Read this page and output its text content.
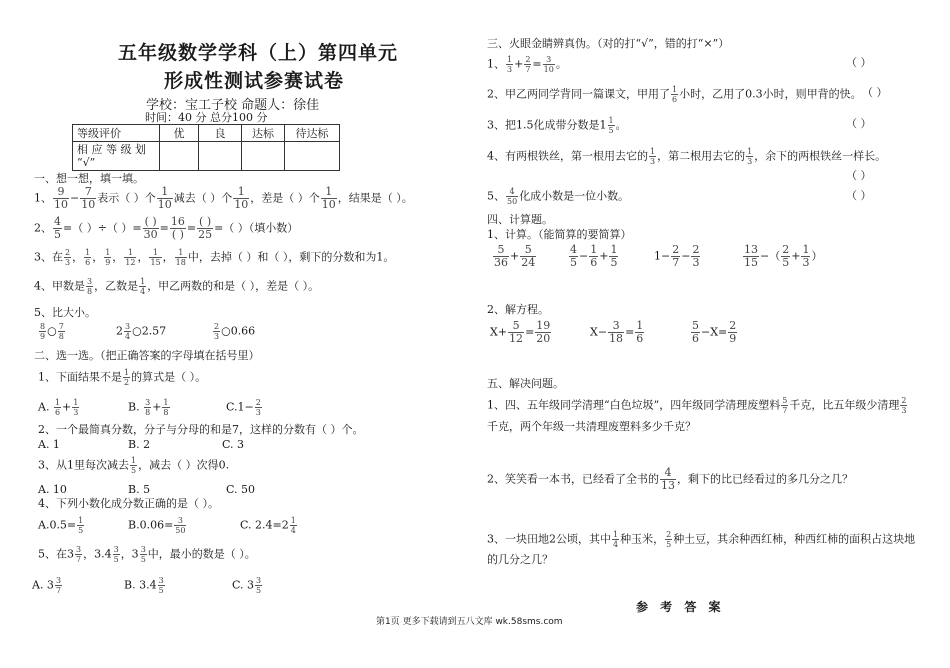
五年级数学学科（上）第四单元
形成性测试参赛试卷
学校：宝工子校 命题人：徐佳
时间：40 分 总分100 分
等级评价	优	良	达标	待达标
相 应 等 级 划
“√”				
一、想一想，填一填。
1、 $\frac{9}{10} - \frac{7}{10}$ 表示（ ）个 $\frac{1}{10}$ 减去（ ）个 $\frac{1}{10}$ ，差是（ ）个 $\frac{1}{10}$ ，结果是（ ）。
2、 $\frac{4}{5}$ =（ ）÷（ ）= $\frac{( )}{30} = \frac{16}{( )} = \frac{( )}{25}$ =（ ）（填小数）
3、在 $\frac{2}{3}$ ， $\frac{1}{6}$ ， $\frac{1}{9}$ ， $\frac{1}{12}$ ， $\frac{1}{15}$ ， $\frac{1}{18}$ 中，去掉（ ）和（ ），剩下的分数和为1。
4、甲数是 $\frac{3}{8}$ ，乙数是 $\frac{1}{4}$ ，甲乙两数的和是（ ），差是（ ）。
5、比大小。
$\frac{8}{9}$ ○ $\frac{7}{8}$	$2 \frac{3}{4}$ ○2.57	$\frac{2}{3}$ ○0.66
二、选一选。（把正确答案的字母填在括号里）
1、下面结果不是 $\frac{1}{2}$ 的算式是（ ）。
A. $\frac{1}{6} + \frac{1}{3}$	B. $\frac{3}{8} + \frac{1}{8}$	$C.1- \frac{2}{3}$
2、一个最简真分数，分子与分母的和是7，这样的分数有（ ）个。
A. 1	B. 2	C. 3
3、从1里每次减去 $\frac{1}{5}$ ，减去（ ）次得0.
A. 10	B. 5	C. 50
4、下列小数化成分数正确的是（ ）。
$A.0.5= \frac{1}{5}$	$B.0.06= \frac{3}{50}$	C. $2.4=2 \frac{1}{4}$
5、在$3 \frac{3}{7}$ ，$3.4 \frac{3}{5}$ ，$3 \frac{3}{5}$ 中，最小的数是（ ）。
A. $3 \frac{3}{7}$	B. $3.4 \frac{3}{5}$	C. $3 \frac{3}{5}$
三、火眼金睛辨真伪。（对的打“√”，错的打“×”）
1、 $\frac{1}{3} + \frac{2}{7} = \frac{3}{10}$ 。	（ ）
2、甲乙两同学背同一篇课文，甲用了 $\frac{1}{6}$ 小时，乙用了0.3小时，则甲背的快。 （ ）
3、把1.5化成带分数是$1 \frac{1}{5}$ 。	（ ）
4、有两根铁丝，第一根用去它的 $\frac{1}{3}$ ，第二根用去它的 $\frac{1}{3}$ ，余下的两根铁丝一样长。
（ ）
5、 $\frac{4}{50}$ 化成小数是一位小数。	（ ）
四、计算题。
1、计算。（能简算的要简算）
$\frac{5}{36} + \frac{5}{24}$	$\frac{4}{5} - \frac{1}{6} + \frac{1}{5}$	$1- \frac{2}{7} - \frac{2}{3}$	$\frac{13}{15}$ −（ $\frac{2}{5} + \frac{1}{3}$ ）
2、解方程。
$X+ \frac{5}{12} = \frac{19}{20}$	$X- \frac{3}{18} = \frac{1}{6}$	$\frac{5}{6} -X= \frac{2}{9}$
五、解决问题。
1、四、五年级同学清理“白色垃圾”，四年级同学清理废塑料 $\frac{5}{7}$ 千克，比五年级少清理 $\frac{2}{3}$
千克，两个年级一共清理废塑料多少千克？
2、笑笑看一本书，已经看了全书的 $\frac{4}{13}$ ，剩下的比已经看过的多几分之几？
3、一块田地2公顷，其中 $\frac{1}{4}$ 种玉米， $\frac{2}{5}$ 种土豆，其余种西红柿，种西红柿的面积占这块地
的几分之几？
参 考 答 案
第1页 更多下载请到五八文库 wk.58sms.com
